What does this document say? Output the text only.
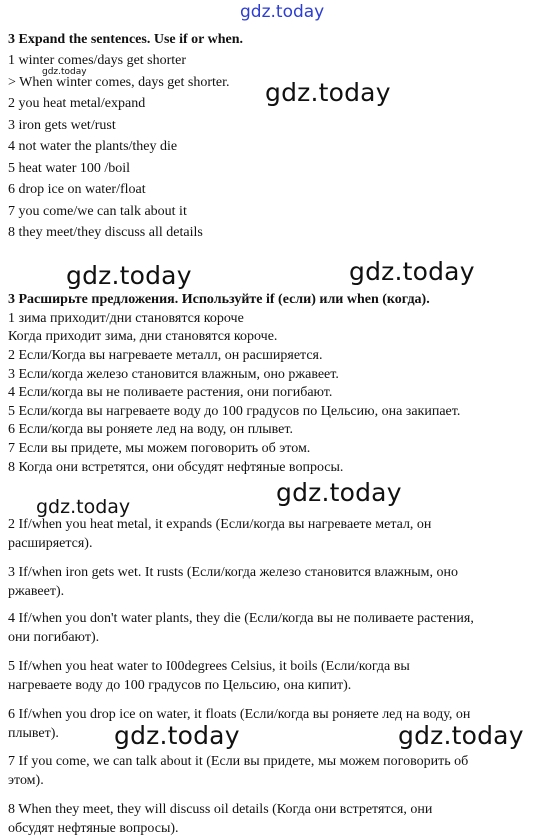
gdz.today
3 Expand the sentences. Use if or when.
1 winter comes/days get shorter
gdz.today
> When winter comes, days get shorter.
2 you heat metal/expand
3 iron gets wet/rust
4 not water the plants/they die
5 heat water 100 /boil
6 drop ice on water/float
7 you come/we can talk about it
8 they meet/they discuss all details
gdz.today
gdz.today	gdz.today
3 Расширьте предложения. Используйте if (если) или when (когда).
1 зима приходит/дни становятся короче
Когда приходит зима, дни становятся короче.
2 Если/Когда вы нагреваете металл, он расширяется.
3 Если/когда железо становится влажным, оно ржавеет.
4 Если/когда вы не поливаете растения, они погибают.
5 Если/когда вы нагреваете воду до 100 градусов по Цельсию, она закипает.
6 Если/когда вы роняете лед на воду, он плывет.
7 Если вы придете, мы можем поговорить об этом.
8 Когда они встретятся, они обсудят нефтяные вопросы.
gdz.today	gdz.today
2 If/when you heat metal, it expands (Если/когда вы нагреваете метал, он
расширяется).
3 If/when iron gets wet. It rusts (Если/когда железо становится влажным, оно
ржавеет).
4 If/when you don't water plants, they die (Если/когда вы не поливаете растения,
они погибают).
5 If/when you heat water to I00degrees Celsius, it boils (Если/когда вы
нагреваете воду до 100 градусов по Цельсию, она кипит).
6 If/when you drop ice on water, it floats (Если/когда вы роняете лед на воду, он
плывет).
7 If you come, we can talk about it (Если вы придете, мы можем поговорить об
этом).
8 When they meet, they will discuss oil details (Когда они встретятся, они
обсудят нефтяные вопросы).
gdz.today	gdz.today
